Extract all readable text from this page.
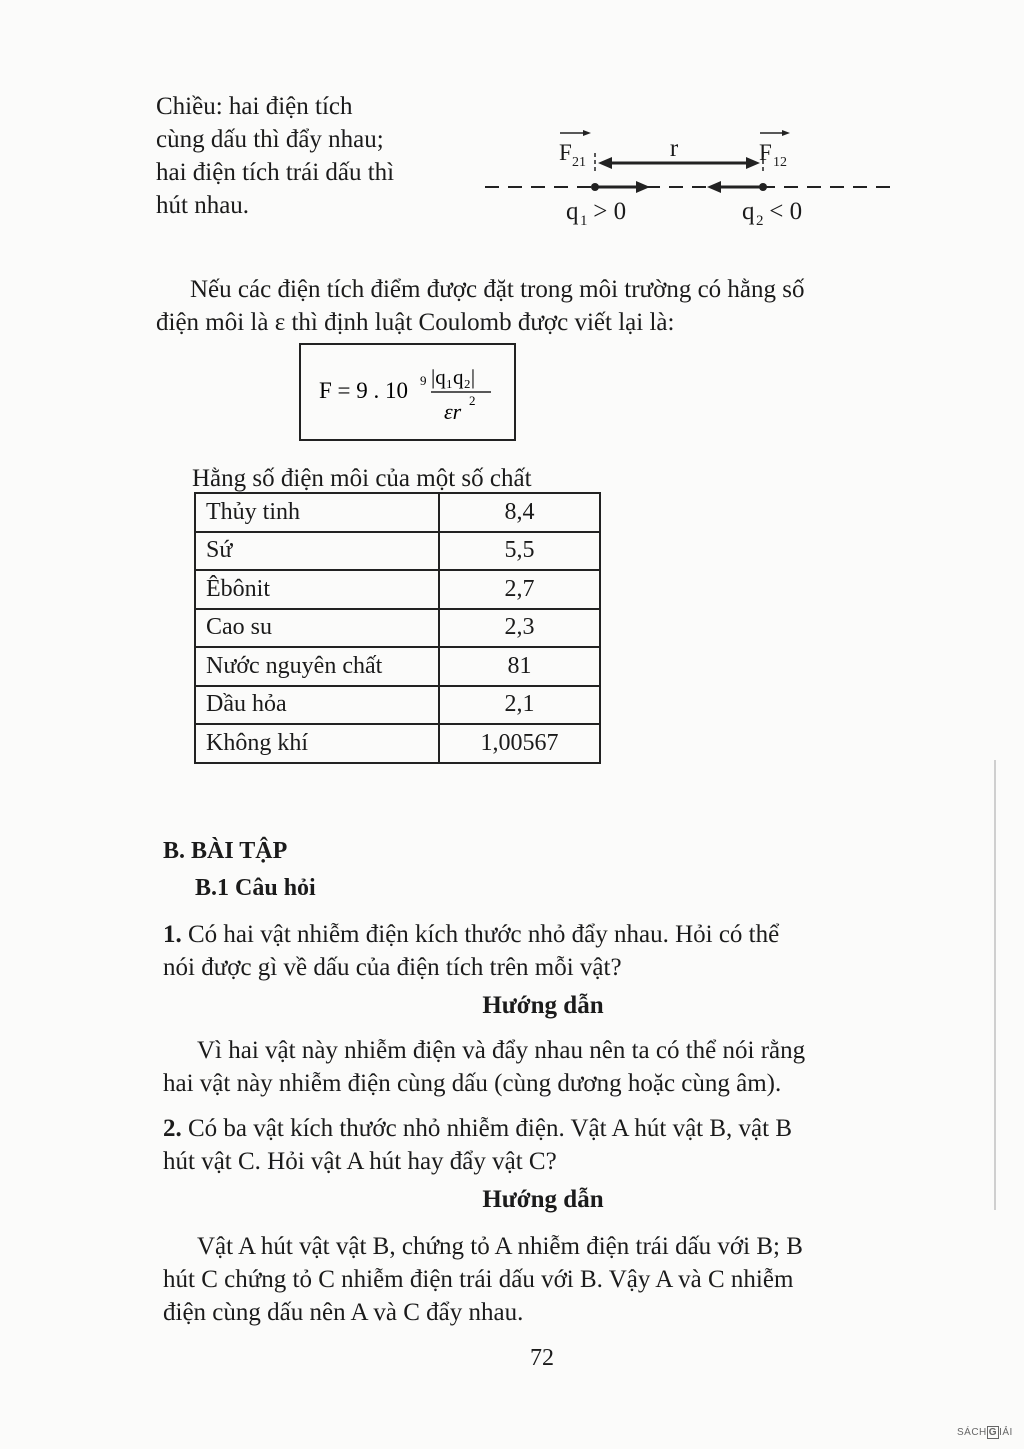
Chiều: hai điện tích
cùng dấu thì đẩy nhau;
hai điện tích trái dấu thì
hút nhau.
r
F 21	F 12
q 1 > 0	q 2 < 0
Nếu các điện tích điểm được đặt trong môi trường có hằng số
điện môi là ε thì định luật Coulomb được viết lại là:
F = 9 . 10 9 |q₁q₂|
εr 2
Hằng số điện môi của một số chất
Thủy tinh	8,4
Sứ	5,5
Êbônit	2,7
Cao su	2,3
Nước nguyên chất	81
Dầu hỏa	2,1
Không khí	1,00567
B. BÀI TẬP
B.1 Câu hỏi
1. Có hai vật nhiễm điện kích thước nhỏ đẩy nhau. Hỏi có thể
nói được gì về dấu của điện tích trên mỗi vật?
Hướng dẫn
Vì hai vật này nhiễm điện và đẩy nhau nên ta có thể nói rằng
hai vật này nhiễm điện cùng dấu (cùng dương hoặc cùng âm).
2. Có ba vật kích thước nhỏ nhiễm điện. Vật A hút vật B, vật B
hút vật C. Hỏi vật A hút hay đẩy vật C?
Hướng dẫn
Vật A hút vật vật B, chứng tỏ A nhiễm điện trái dấu với B; B
hút C chứng tỏ C nhiễm điện trái dấu với B. Vậy A và C nhiễm
điện cùng dấu nên A và C đẩy nhau.
72
SÁCH G IẢI
